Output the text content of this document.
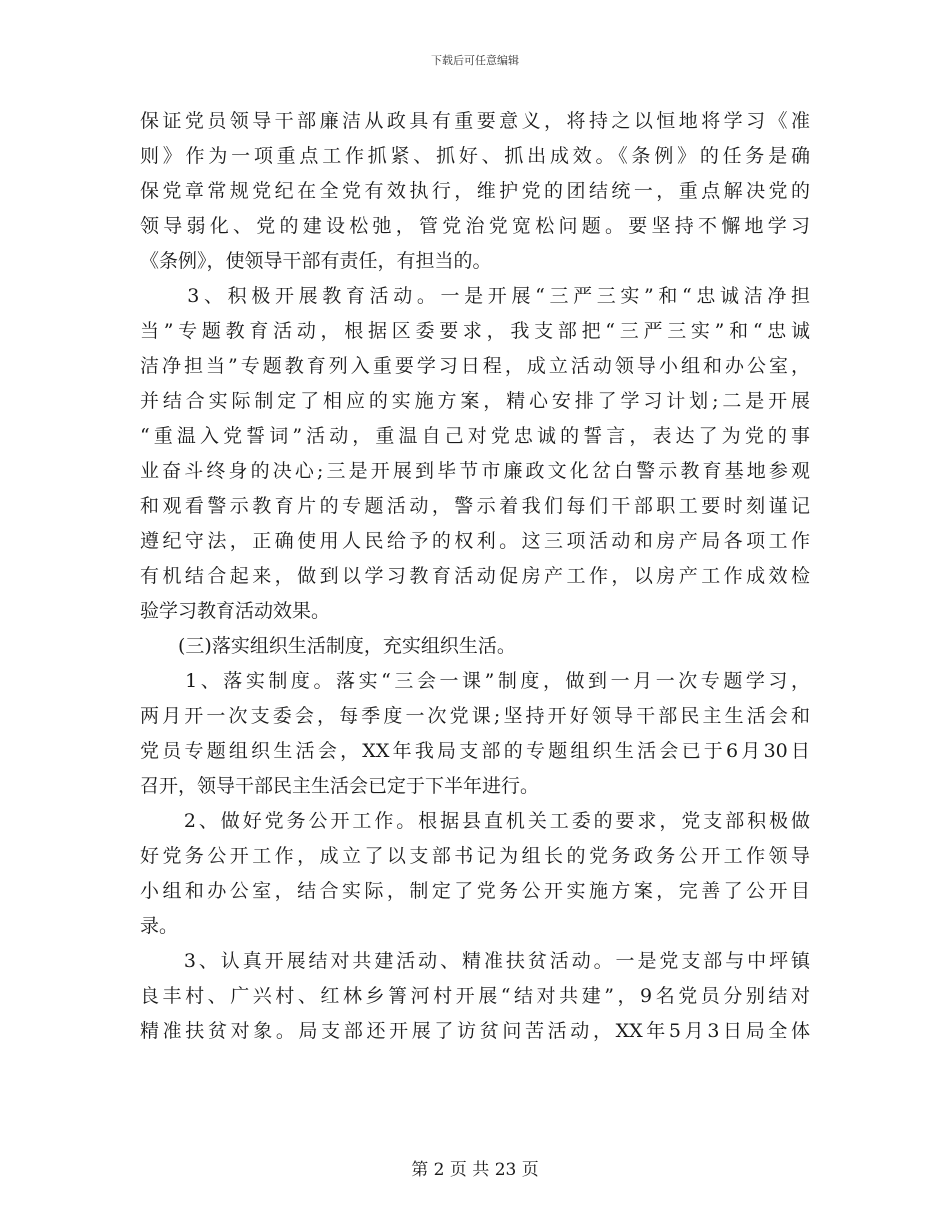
下载后可任意编辑
保证党员领导干部廉洁从政具有重要意义，将持之以恒地将学习《准
则》作为一项重点工作抓紧、抓好、抓出成效。《条例》的任务是确
保党章常规党纪在全党有效执行，维护党的团结统一，重点解决党的
领导弱化、党的建设松弛，管党治党宽松问题。要坚持不懈地学习
《条例》，使领导干部有责任，有担当的。
　　3、积极开展教育活动。一是开展“三严三实”和“忠诚洁净担
当”专题教育活动，根据区委要求，我支部把“三严三实”和“忠诚
洁净担当”专题教育列入重要学习日程，成立活动领导小组和办公室，
并结合实际制定了相应的实施方案，精心安排了学习计划;二是开展
“重温入党誓词”活动，重温自己对党忠诚的誓言，表达了为党的事
业奋斗终身的决心;三是开展到毕节市廉政文化岔白警示教育基地参观
和观看警示教育片的专题活动，警示着我们每们干部职工要时刻谨记
遵纪守法，正确使用人民给予的权利。这三项活动和房产局各项工作
有机结合起来，做到以学习教育活动促房产工作，以房产工作成效检
验学习教育活动效果。
　　(三)落实组织生活制度，充实组织生活。
　　1、落实制度。落实“三会一课”制度，做到一月一次专题学习，
两月开一次支委会，每季度一次党课;坚持开好领导干部民主生活会和
党员专题组织生活会，XX年我局支部的专题组织生活会已于6月30日
召开，领导干部民主生活会已定于下半年进行。
　　2、做好党务公开工作。根据县直机关工委的要求，党支部积极做
好党务公开工作，成立了以支部书记为组长的党务政务公开工作领导
小组和办公室，结合实际，制定了党务公开实施方案，完善了公开目
录。
　　3、认真开展结对共建活动、精准扶贫活动。一是党支部与中坪镇
良丰村、广兴村、红林乡箐河村开展“结对共建”，9名党员分别结对
精准扶贫对象。局支部还开展了访贫问苦活动，XX年5月3日局全体
第 2 页 共 23 页
